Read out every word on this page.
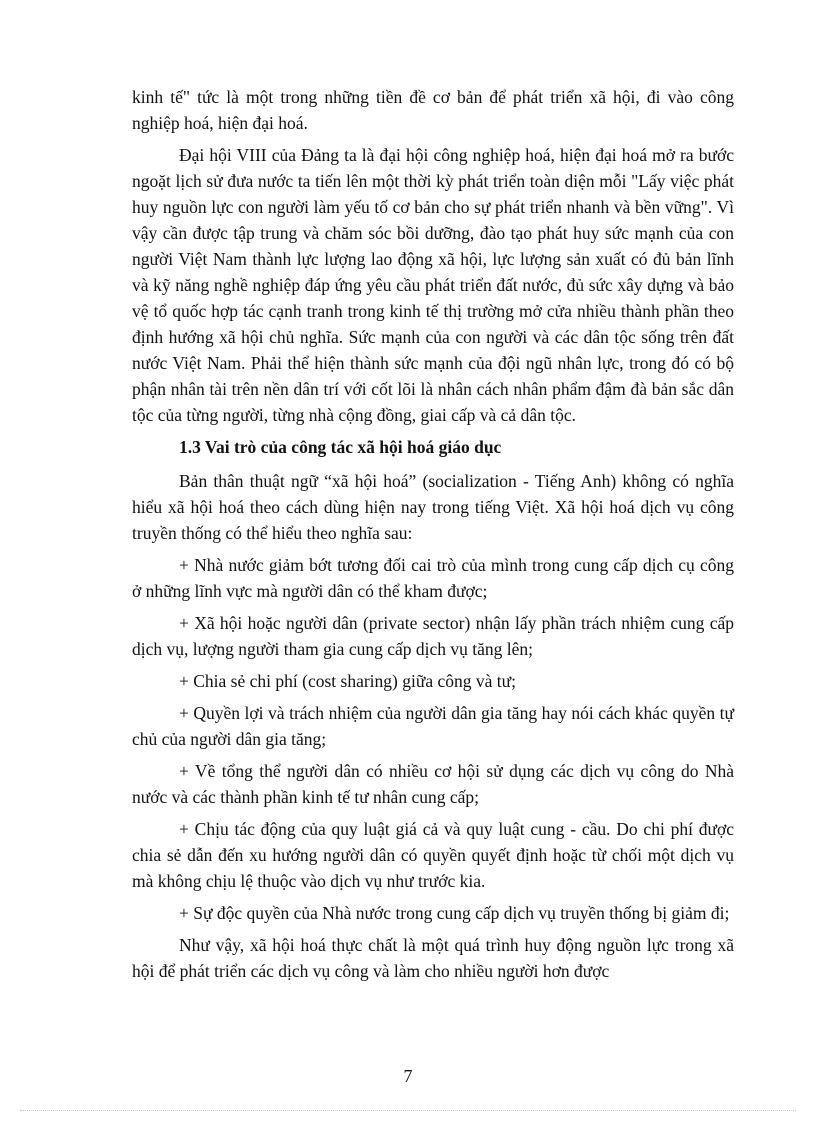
kinh tế" tức là một trong những tiền đề cơ bản để phát triển xã hội, đi vào công nghiệp hoá, hiện đại hoá.

Đại hội VIII của Đảng ta là đại hội công nghiệp hoá, hiện đại hoá mở ra bước ngoặt lịch sử đưa nước ta tiến lên một thời kỳ phát triển toàn diện mỗi "Lấy việc phát huy nguồn lực con người làm yếu tố cơ bản cho sự phát triển nhanh và bền vững". Vì vậy cần được tập trung và chăm sóc bồi dưỡng, đào tạo phát huy sức mạnh của con người Việt Nam thành lực lượng lao động xã hội, lực lượng sản xuất có đủ bản lĩnh và kỹ năng nghề nghiệp đáp ứng yêu cầu phát triển đất nước, đủ sức xây dựng và bảo vệ tổ quốc hợp tác cạnh tranh trong kinh tế thị trường mở cửa nhiều thành phần theo định hướng xã hội chủ nghĩa. Sức mạnh của con người và các dân tộc sống trên đất nước Việt Nam. Phải thể hiện thành sức mạnh của đội ngũ nhân lực, trong đó có bộ phận nhân tài trên nền dân trí với cốt lõi là nhân cách nhân phẩm đậm đà bản sắc dân tộc của từng người, từng nhà cộng đồng, giai cấp và cả dân tộc.

1.3 Vai trò của công tác xã hội hoá giáo dục

Bản thân thuật ngữ “xã hội hoá” (socialization - Tiếng Anh) không có nghĩa hiểu xã hội hoá theo cách dùng hiện nay trong tiếng Việt. Xã hội hoá dịch vụ công truyền thống có thể hiểu theo nghĩa sau:

+ Nhà nước giảm bớt tương đối cai trò của mình trong cung cấp dịch cụ công ở những lĩnh vực mà người dân có thể kham được;

+ Xã hội hoặc người dân (private sector) nhận lấy phần trách nhiệm cung cấp dịch vụ, lượng người tham gia cung cấp dịch vụ tăng lên;

+ Chia sẻ chi phí (cost sharing) giữa công và tư;

+ Quyền lợi và trách nhiệm của người dân gia tăng hay nói cách khác quyền tự chủ của người dân gia tăng;

+ Về tổng thể người dân có nhiều cơ hội sử dụng các dịch vụ công do Nhà nước và các thành phần kinh tế tư nhân cung cấp;

+ Chịu tác động của quy luật giá cả và quy luật cung - cầu. Do chi phí được chia sẻ dẫn đến xu hướng người dân có quyền quyết định hoặc từ chối một dịch vụ mà không chịu lệ thuộc vào dịch vụ như trước kia.

+ Sự độc quyền của Nhà nước trong cung cấp dịch vụ truyền thống bị giảm đi;

Như vậy, xã hội hoá thực chất là một quá trình huy động nguồn lực trong xã hội để phát triển các dịch vụ công và làm cho nhiều người hơn được

7
